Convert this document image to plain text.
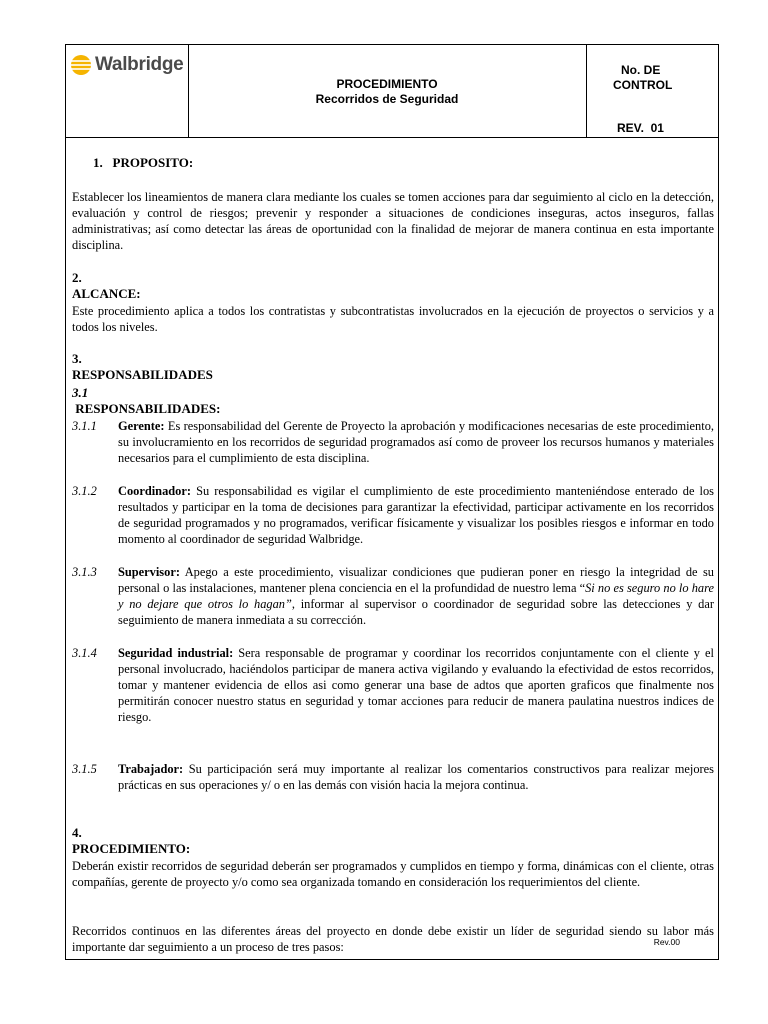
Walbridge
PROCEDIMIENTO
Recorridos de Seguridad
No. DE
CONTROL
REV.  01
1.   PROPOSITO:
Establecer los lineamientos de manera clara mediante los cuales se tomen acciones para dar seguimiento al ciclo en la detección, evaluación y control de riesgos; prevenir y responder a situaciones de condiciones inseguras, actos inseguros, fallas administrativas; así como detectar las áreas de oportunidad con la finalidad de mejorar de manera continua en esta importante disciplina.
2. ALCANCE:
Este procedimiento aplica a todos los contratistas y subcontratistas involucrados en la ejecución de proyectos o servicios y a todos los niveles.
3. RESPONSABILIDADES
3.1 RESPONSABILIDADES:
3.1.1 Gerente: Es responsabilidad del Gerente de Proyecto la aprobación y modificaciones necesarias de este procedimiento, su involucramiento en los recorridos de seguridad programados así como de proveer los recursos humanos y materiales necesarios para el cumplimiento de esta disciplina.
3.1.2 Coordinador: Su responsabilidad es vigilar el cumplimiento de este procedimiento manteniéndose enterado de los resultados y participar en la toma de decisiones para garantizar la efectividad, participar activamente en los recorridos de seguridad programados y no programados, verificar físicamente y visualizar los posibles riesgos e informar en todo momento al coordinador de seguridad Walbridge.
3.1.3 Supervisor: Apego a este procedimiento, visualizar condiciones que pudieran poner en riesgo la integridad de su personal o las instalaciones, mantener plena conciencia en el la profundidad de nuestro lema “Si no es seguro no lo hare y no dejare que otros lo hagan”, informar al supervisor o coordinador de seguridad sobre las detecciones y dar seguimiento de manera inmediata a su corrección.
3.1.4 Seguridad industrial: Sera responsable de programar y coordinar los recorridos conjuntamente con el cliente y el personal involucrado, haciéndolos participar de manera activa vigilando y evaluando la efectividad de estos recorridos, tomar y mantener evidencia de ellos asi como generar una base de adtos que aporten graficos que finalmente nos permitirán conocer nuestro status en seguridad y tomar acciones para reducir de manera paulatina nuestros indices de riesgo.
3.1.5 Trabajador: Su participación será muy importante al realizar los comentarios constructivos para realizar mejores prácticas en sus operaciones y/ o en las demás con visión hacia la mejora continua.
4. PROCEDIMIENTO:
Deberán existir recorridos de seguridad deberán ser programados y cumplidos en tiempo y forma, dinámicas con el cliente, otras compañías, gerente de proyecto y/o como sea organizada tomando en consideración los requerimientos del cliente.
Recorridos continuos en las diferentes áreas del proyecto en donde debe existir un líder de seguridad siendo su labor más importante dar seguimiento a un proceso de tres pasos:	Rev.00
